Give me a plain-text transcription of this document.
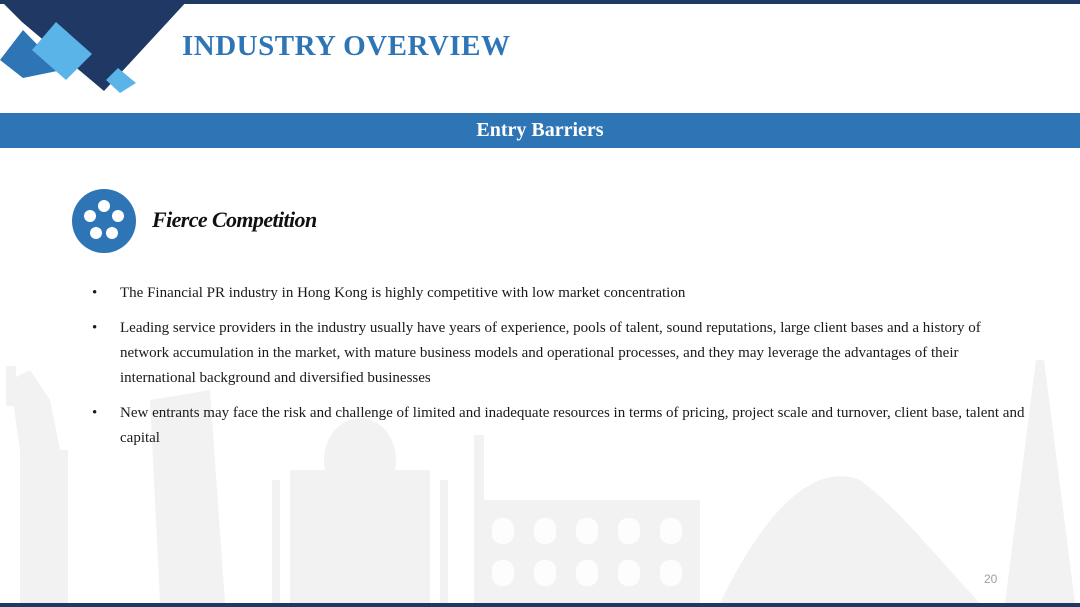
INDUSTRY OVERVIEW
Entry Barriers
Fierce Competition
•	The Financial PR industry in Hong Kong is highly competitive with low market concentration
•	Leading service providers in the industry usually have years of experience, pools of talent, sound reputations, large client bases and a history of network accumulation in the market, with mature business models and operational processes, and they may leverage the advantages of their international background and diversified businesses
•	New entrants may face the risk and challenge of limited and inadequate resources in terms of pricing, project scale and turnover, client base, talent and capital
20
